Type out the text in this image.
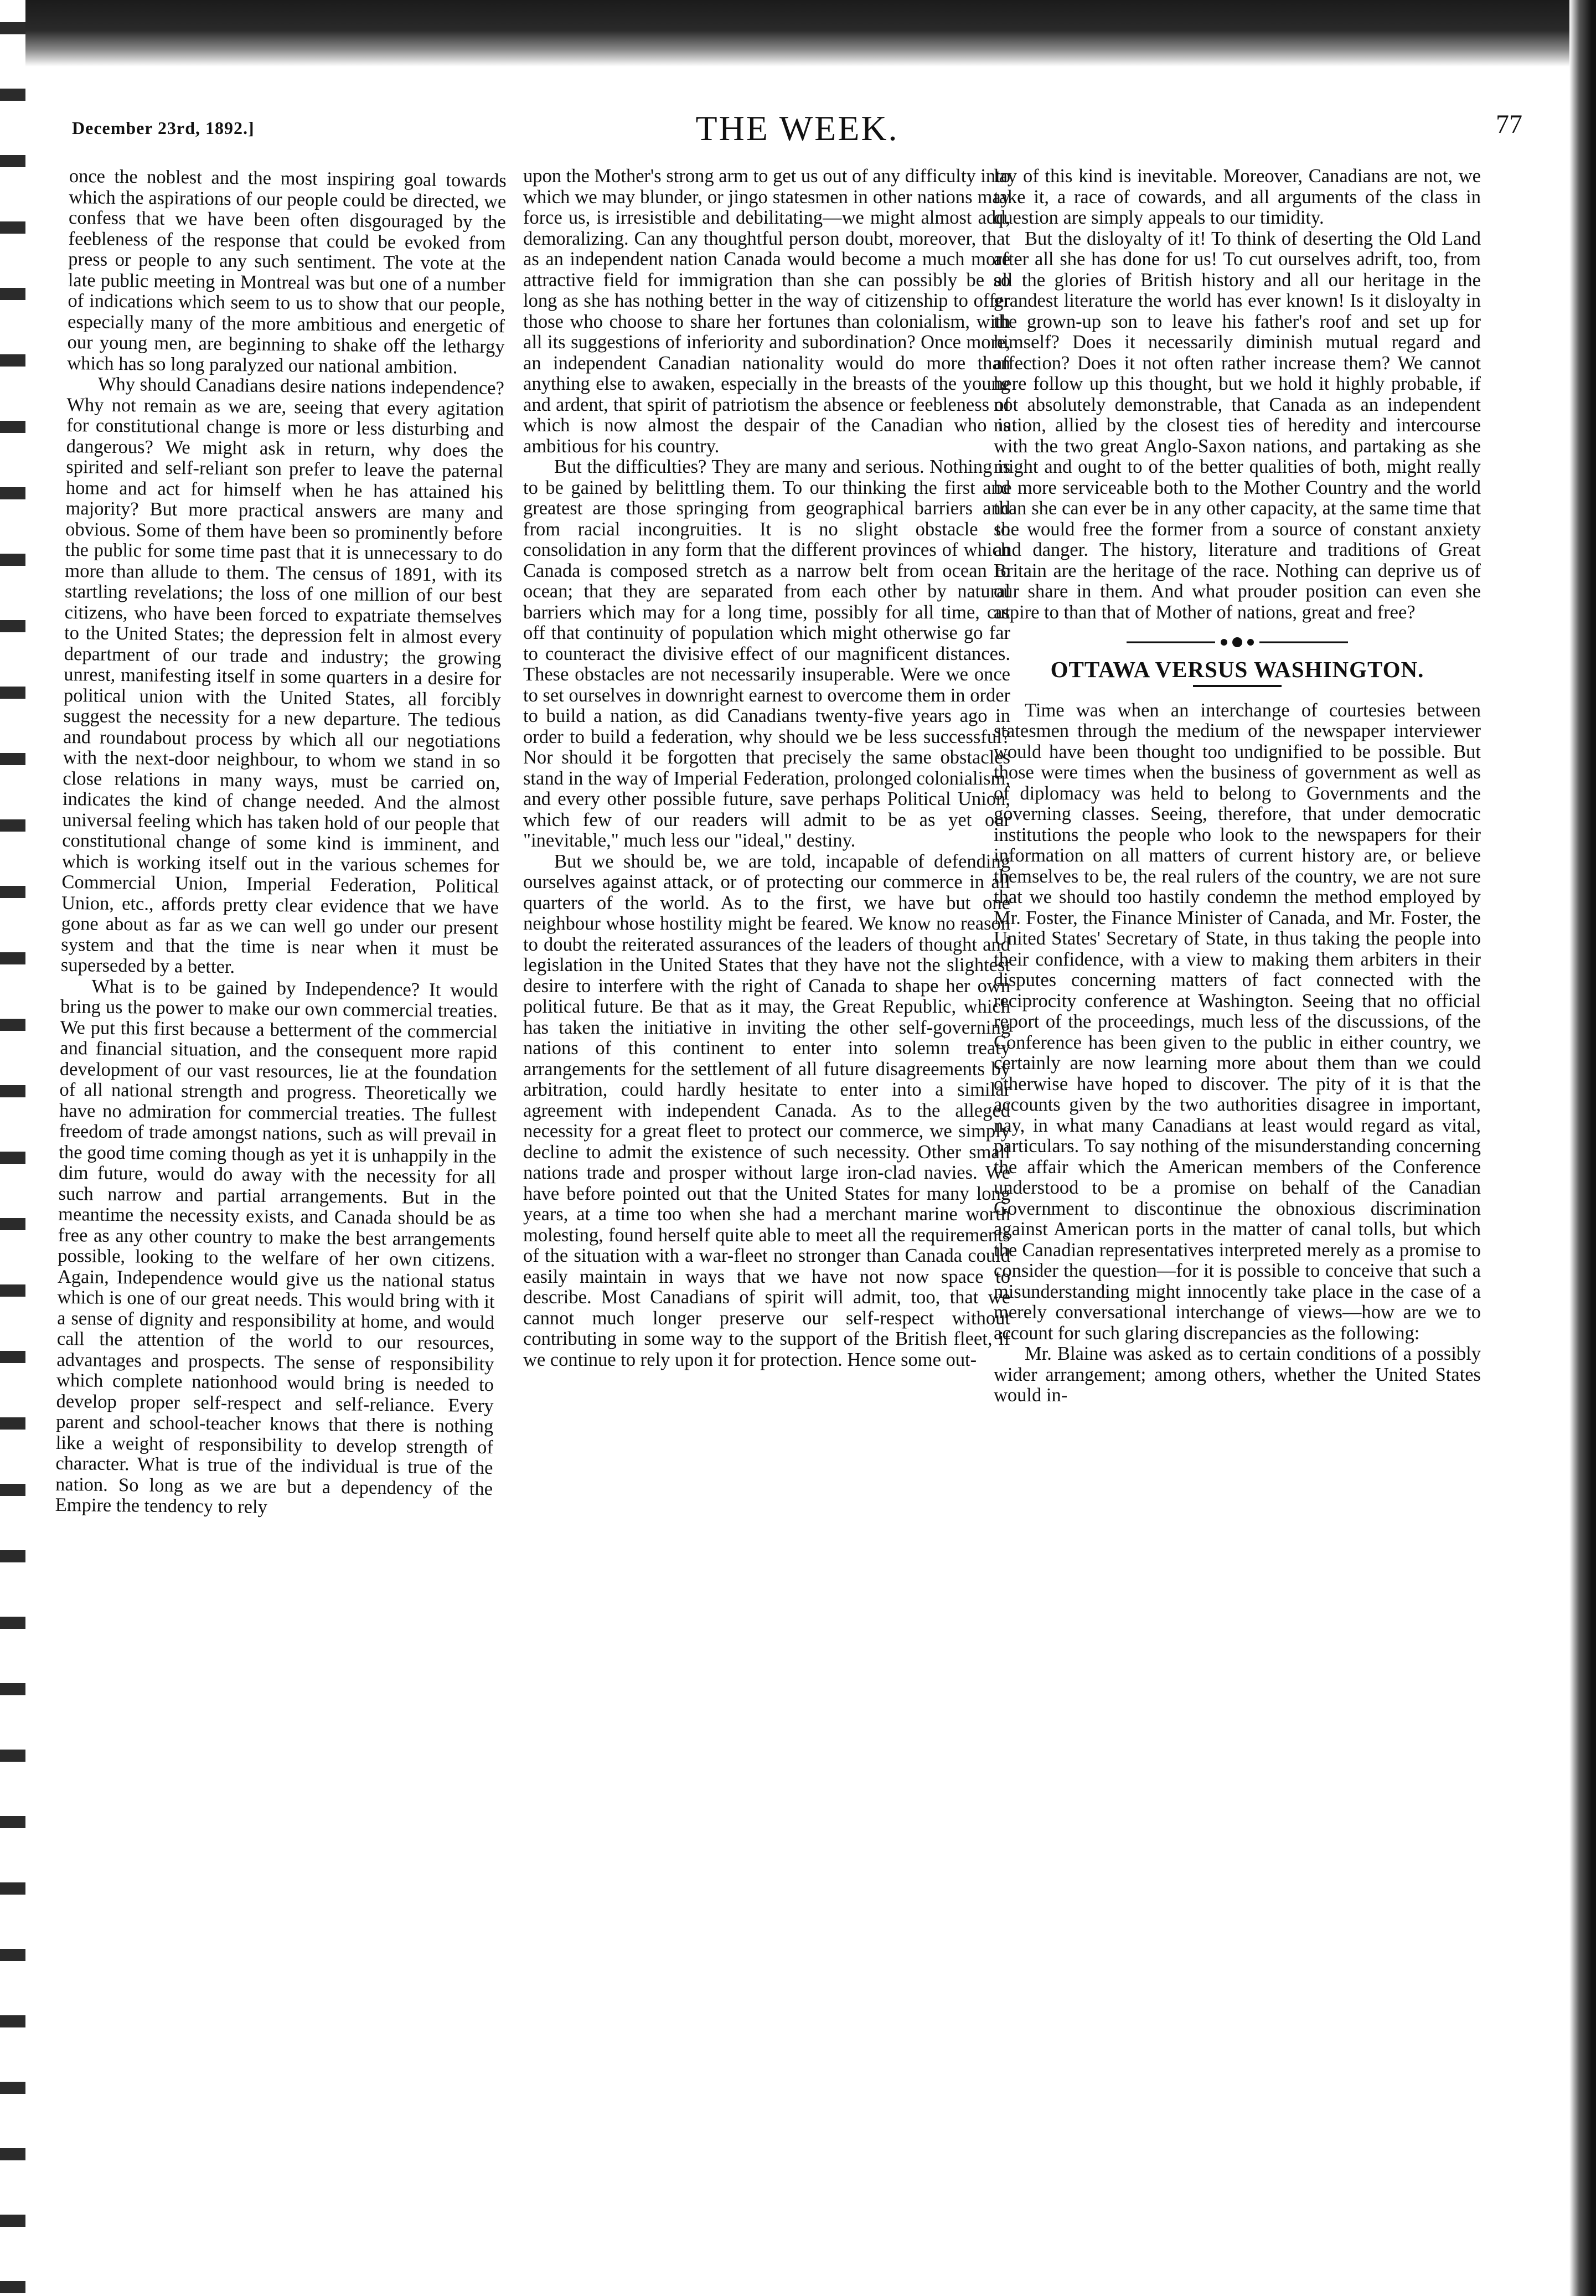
December 23rd, 1892.]	THE WEEK.	77

once the noblest and the most inspiring goal towards which the aspirations of our people could be directed, we confess that we have been often disgouraged by the feebleness of the response that could be evoked from press or people to any such sentiment. The vote at the late public meeting in Montreal was but one of a number of indications which seem to us to show that our people, especially many of the more ambitious and energetic of our young men, are beginning to shake off the lethargy which has so long paralyzed our national ambition.

Why should Canadians desire nations independence? Why not remain as we are, seeing that every agitation for constitutional change is more or less disturbing and dangerous? We might ask in return, why does the spirited and self-reliant son prefer to leave the paternal home and act for himself when he has attained his majority? But more practical answers are many and obvious. Some of them have been so prominently before the public for some time past that it is unnecessary to do more than allude to them. The census of 1891, with its startling revelations; the loss of one million of our best citizens, who have been forced to expatriate themselves to the United States; the depression felt in almost every department of our trade and industry; the growing unrest, manifesting itself in some quarters in a desire for political union with the United States, all forcibly suggest the necessity for a new departure. The tedious and roundabout process by which all our negotiations with the next-door neighbour, to whom we stand in so close relations in many ways, must be carried on, indicates the kind of change needed. And the almost universal feeling which has taken hold of our people that constitutional change of some kind is imminent, and which is working itself out in the various schemes for Commercial Union, Imperial Federation, Political Union, etc., affords pretty clear evidence that we have gone about as far as we can well go under our present system and that the time is near when it must be superseded by a better.

What is to be gained by Independence? It would bring us the power to make our own commercial treaties. We put this first because a betterment of the commercial and financial situation, and the consequent more rapid development of our vast resources, lie at the foundation of all national strength and progress. Theoretically we have no admiration for commercial treaties. The fullest freedom of trade amongst nations, such as will prevail in the good time coming though as yet it is unhappily in the dim future, would do away with the necessity for all such narrow and partial arrangements. But in the meantime the necessity exists, and Canada should be as free as any other country to make the best arrangements possible, looking to the welfare of her own citizens. Again, Independence would give us the national status which is one of our great needs. This would bring with it a sense of dignity and responsibility at home, and would call the attention of the world to our resources, advantages and prospects. The sense of responsibility which complete nationhood would bring is needed to develop proper self-respect and self-reliance. Every parent and school-teacher knows that there is nothing like a weight of responsibility to develop strength of character. What is true of the individual is true of the nation. So long as we are but a dependency of the Empire the tendency to rely

upon the Mother's strong arm to get us out of any difficulty into which we may blunder, or jingo statesmen in other nations may force us, is irresistible and debilitating—we might almost add, demoralizing. Can any thoughtful person doubt, moreover, that as an independent nation Canada would become a much more attractive field for immigration than she can possibly be so long as she has nothing better in the way of citizenship to offer those who choose to share her fortunes than colonialism, with all its suggestions of inferiority and subordination? Once more, an independent Canadian nationality would do more than anything else to awaken, especially in the breasts of the young and ardent, that spirit of patriotism the absence or feebleness of which is now almost the despair of the Canadian who is ambitious for his country.

But the difficulties? They are many and serious. Nothing is to be gained by belittling them. To our thinking the first and greatest are those springing from geographical barriers and from racial incongruities. It is no slight obstacle to consolidation in any form that the different provinces of which Canada is composed stretch as a narrow belt from ocean to ocean; that they are separated from each other by natural barriers which may for a long time, possibly for all time, cut off that continuity of population which might otherwise go far to counteract the divisive effect of our magnificent distances. These obstacles are not necessarily insuperable. Were we once to set ourselves in downright earnest to overcome them in order to build a nation, as did Canadians twenty-five years ago in order to build a federation, why should we be less successful? Nor should it be forgotten that precisely the same obstacles stand in the way of Imperial Federation, prolonged colonialism, and every other possible future, save perhaps Political Union, which few of our readers will admit to be as yet our "inevitable," much less our "ideal," destiny.

But we should be, we are told, incapable of defending ourselves against attack, or of protecting our commerce in all quarters of the world. As to the first, we have but one neighbour whose hostility might be feared. We know no reason to doubt the reiterated assurances of the leaders of thought and legislation in the United States that they have not the slightest desire to interfere with the right of Canada to shape her own political future. Be that as it may, the Great Republic, which has taken the initiative in inviting the other self-governing nations of this continent to enter into solemn treaty arrangements for the settlement of all future disagreements by arbitration, could hardly hesitate to enter into a similar agreement with independent Canada. As to the alleged necessity for a great fleet to protect our commerce, we simply decline to admit the existence of such necessity. Other small nations trade and prosper without large iron-clad navies. We have before pointed out that the United States for many long years, at a time too when she had a merchant marine worth molesting, found herself quite able to meet all the requirements of the situation with a war-fleet no stronger than Canada could easily maintain in ways that we have not now space to describe. Most Canadians of spirit will admit, too, that we cannot much longer preserve our self-respect without contributing in some way to the support of the British fleet, if we continue to rely upon it for protection. Hence some out-

lay of this kind is inevitable. Moreover, Canadians are not, we take it, a race of cowards, and all arguments of the class in question are simply appeals to our timidity.

But the disloyalty of it! To think of deserting the Old Land after all she has done for us! To cut ourselves adrift, too, from all the glories of British history and all our heritage in the grandest literature the world has ever known! Is it disloyalty in the grown-up son to leave his father's roof and set up for himself? Does it necessarily diminish mutual regard and affection? Does it not often rather increase them? We cannot here follow up this thought, but we hold it highly probable, if not absolutely demonstrable, that Canada as an independent nation, allied by the closest ties of heredity and intercourse with the two great Anglo-Saxon nations, and partaking as she might and ought to of the better qualities of both, might really be more serviceable both to the Mother Country and the world than she can ever be in any other capacity, at the same time that she would free the former from a source of constant anxiety and danger. The history, literature and traditions of Great Britain are the heritage of the race. Nothing can deprive us of our share in them. And what prouder position can even she aspire to than that of Mother of nations, great and free?

OTTAWA VERSUS WASHINGTON.

Time was when an interchange of courtesies between statesmen through the medium of the newspaper interviewer would have been thought too undignified to be possible. But those were times when the business of government as well as of diplomacy was held to belong to Governments and the governing classes. Seeing, therefore, that under democratic institutions the people who look to the newspapers for their information on all matters of current history are, or believe themselves to be, the real rulers of the country, we are not sure that we should too hastily condemn the method employed by Mr. Foster, the Finance Minister of Canada, and Mr. Foster, the United States' Secretary of State, in thus taking the people into their confidence, with a view to making them arbiters in their disputes concerning matters of fact connected with the reciprocity conference at Washington. Seeing that no official report of the proceedings, much less of the discussions, of the Conference has been given to the public in either country, we certainly are now learning more about them than we could otherwise have hoped to discover. The pity of it is that the accounts given by the two authorities disagree in important, nay, in what many Canadians at least would regard as vital, particulars. To say nothing of the misunderstanding concerning the affair which the American members of the Conference understood to be a promise on behalf of the Canadian Government to discontinue the obnoxious discrimination against American ports in the matter of canal tolls, but which the Canadian representatives interpreted merely as a promise to consider the question—for it is possible to conceive that such a misunderstanding might innocently take place in the case of a merely conversational interchange of views—how are we to account for such glaring discrepancies as the following:

Mr. Blaine was asked as to certain conditions of a possibly wider arrangement; among others, whether the United States would in-
